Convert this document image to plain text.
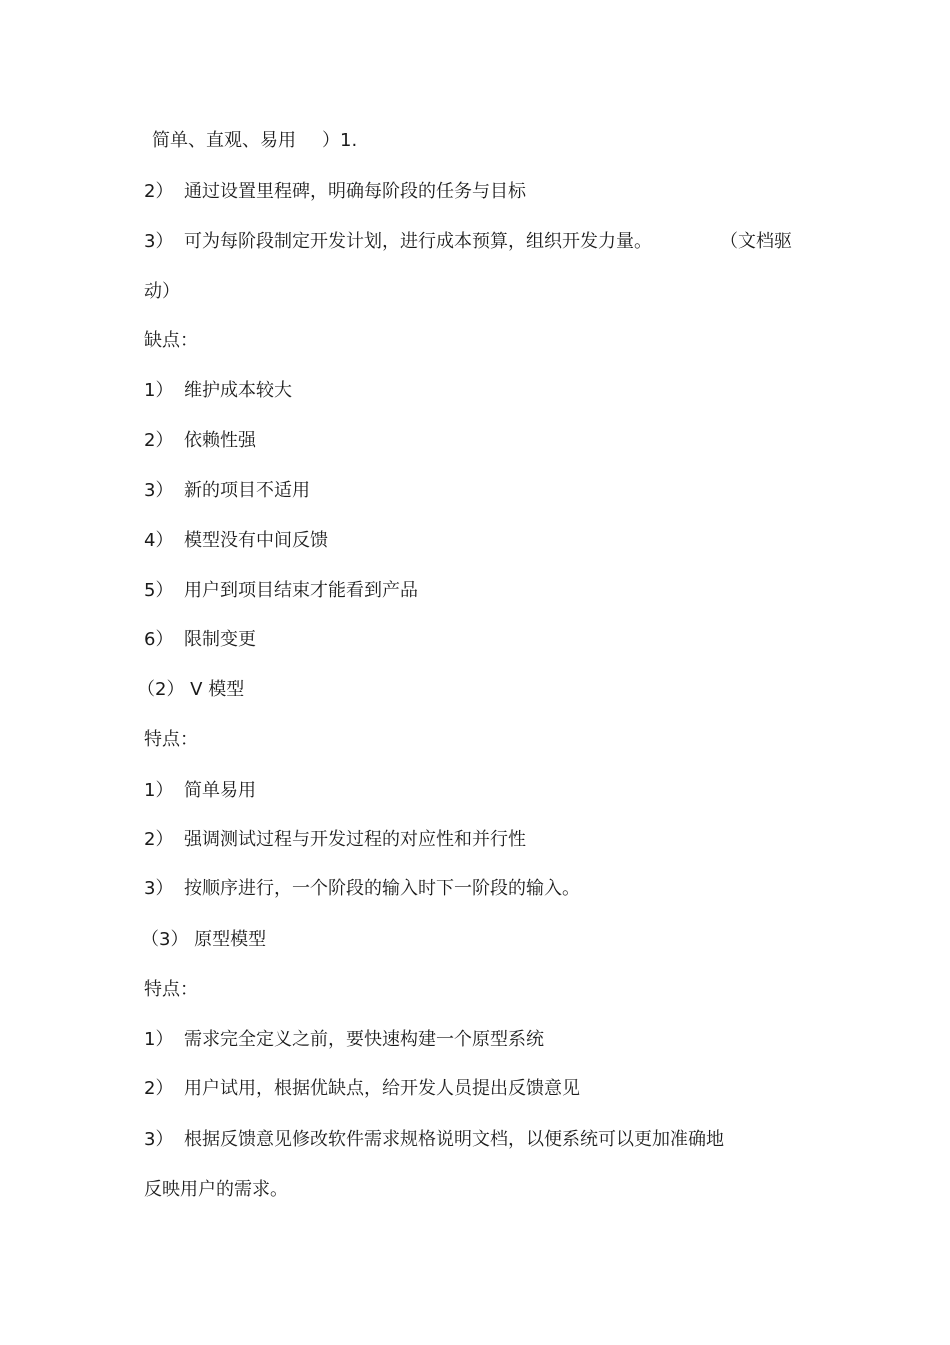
简单、直观、易用 ）1.
2） 通过设置里程碑，明确每阶段的任务与目标
3） 可为每阶段制定开发计划，进行成本预算，组织开发力量。	（文档驱
动）
缺点：
1） 维护成本较大
2） 依赖性强
3） 新的项目不适用
4） 模型没有中间反馈
5） 用户到项目结束才能看到产品
6） 限制变更
（2） V 模型
特点：
1） 简单易用
2） 强调测试过程与开发过程的对应性和并行性
3） 按顺序进行，一个阶段的输入时下一阶段的输入。
（3） 原型模型
特点：
1） 需求完全定义之前，要快速构建一个原型系统
2） 用户试用，根据优缺点，给开发人员提出反馈意见
3） 根据反馈意见修改软件需求规格说明文档，以便系统可以更加准确地
反映用户的需求。
